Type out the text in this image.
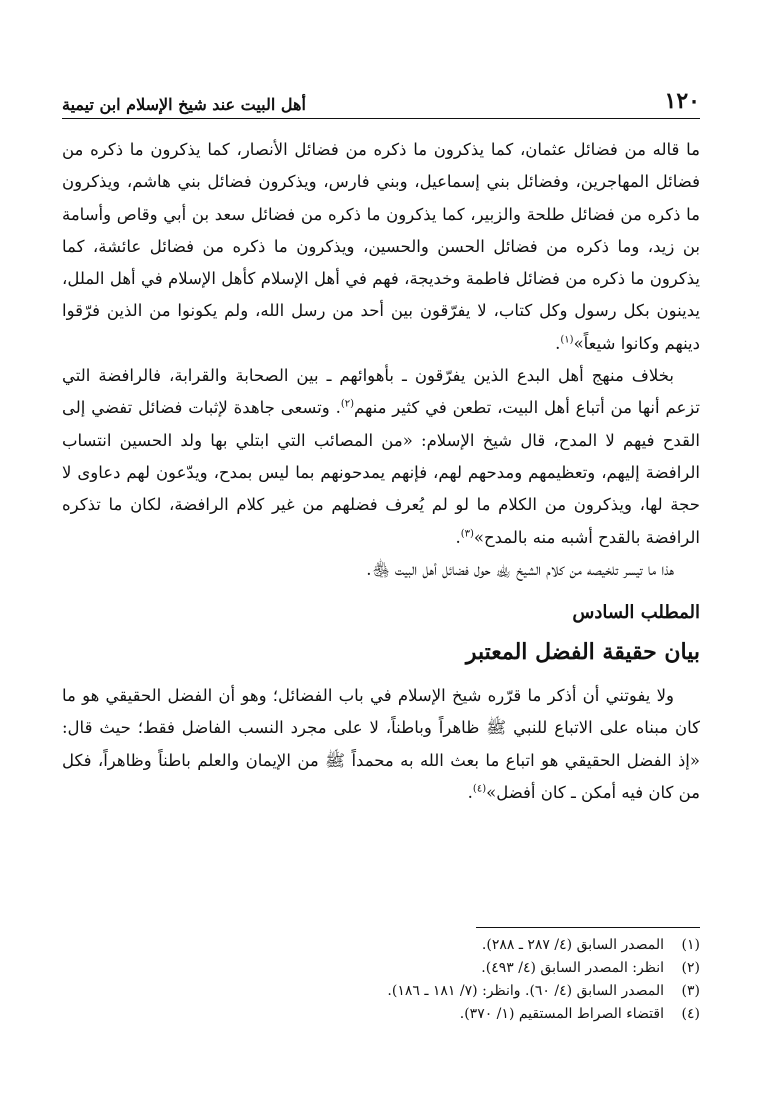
١٢٠
أهل البيت عند شيخ الإسلام ابن تيمية

ما قاله من فضائل عثمان، كما يذكرون ما ذكره من فضائل الأنصار، كما يذكرون ما ذكره من فضائل المهاجرين، وفضائل بني إسماعيل، وبني فارس، ويذكرون فضائل بني هاشم، ويذكرون ما ذكره من فضائل طلحة والزبير، كما يذكرون ما ذكره من فضائل سعد بن أبي وقاص وأسامة بن زيد، وما ذكره من فضائل الحسن والحسين، ويذكرون ما ذكره من فضائل عائشة، كما يذكرون ما ذكره من فضائل فاطمة وخديجة، فهم في أهل الإسلام كأهل الإسلام في أهل الملل، يدينون بكل رسول وكل كتاب، لا يفرّقون بين أحد من رسل الله، ولم يكونوا من الذين فرّقوا دينهم وكانوا شيعاً»$^{(١)}$.

بخلاف منهج أهل البدع الذين يفرّقون ـ بأهوائهم ـ بين الصحابة والقرابة، فالرافضة التي تزعم أنها من أتباع أهل البيت، تطعن في كثير منهم$^{(٢)}$. وتسعى جاهدة لإثبات فضائل تفضي إلى القدح فيهم لا المدح، قال شيخ الإسلام: «من المصائب التي ابتلي بها ولد الحسين انتساب الرافضة إليهم، وتعظيمهم ومدحهم لهم، فإنهم يمدحونهم بما ليس بمدح، ويدّعون لهم دعاوى لا حجة لها، ويذكرون من الكلام ما لو لم يُعرف فضلهم من غير كلام الرافضة، لكان ما تذكره الرافضة بالقدح أشبه منه بالمدح»$^{(٣)}$.

هذا ما تيسر تلخيصه من كلام الشيخ ﵀ حول فضائل أهل البيت ﵃.

المطلب السادس
بيان حقيقة الفضل المعتبر

ولا يفوتني أن أذكر ما قرّره شيخ الإسلام في باب الفضائل؛ وهو أن الفضل الحقيقي هو ما كان مبناه على الاتباع للنبي ﷺ ظاهراً وباطناً، لا على مجرد النسب الفاضل فقط؛ حيث قال: «إذ الفضل الحقيقي هو اتباع ما بعث الله به محمداً ﷺ من الإيمان والعلم باطناً وظاهراً، فكل من كان فيه أمكن ـ كان أفضل»$^{(٤)}$.

(١)
المصدر السابق (٤/ ٢٨٧ ـ ٢٨٨).
(٢)
انظر: المصدر السابق (٤/ ٤٩٣).
(٣)
المصدر السابق (٤/ ٦٠). وانظر: (٧/ ١٨١ ـ ١٨٦).
(٤)
اقتضاء الصراط المستقيم (١/ ٣٧٠).
